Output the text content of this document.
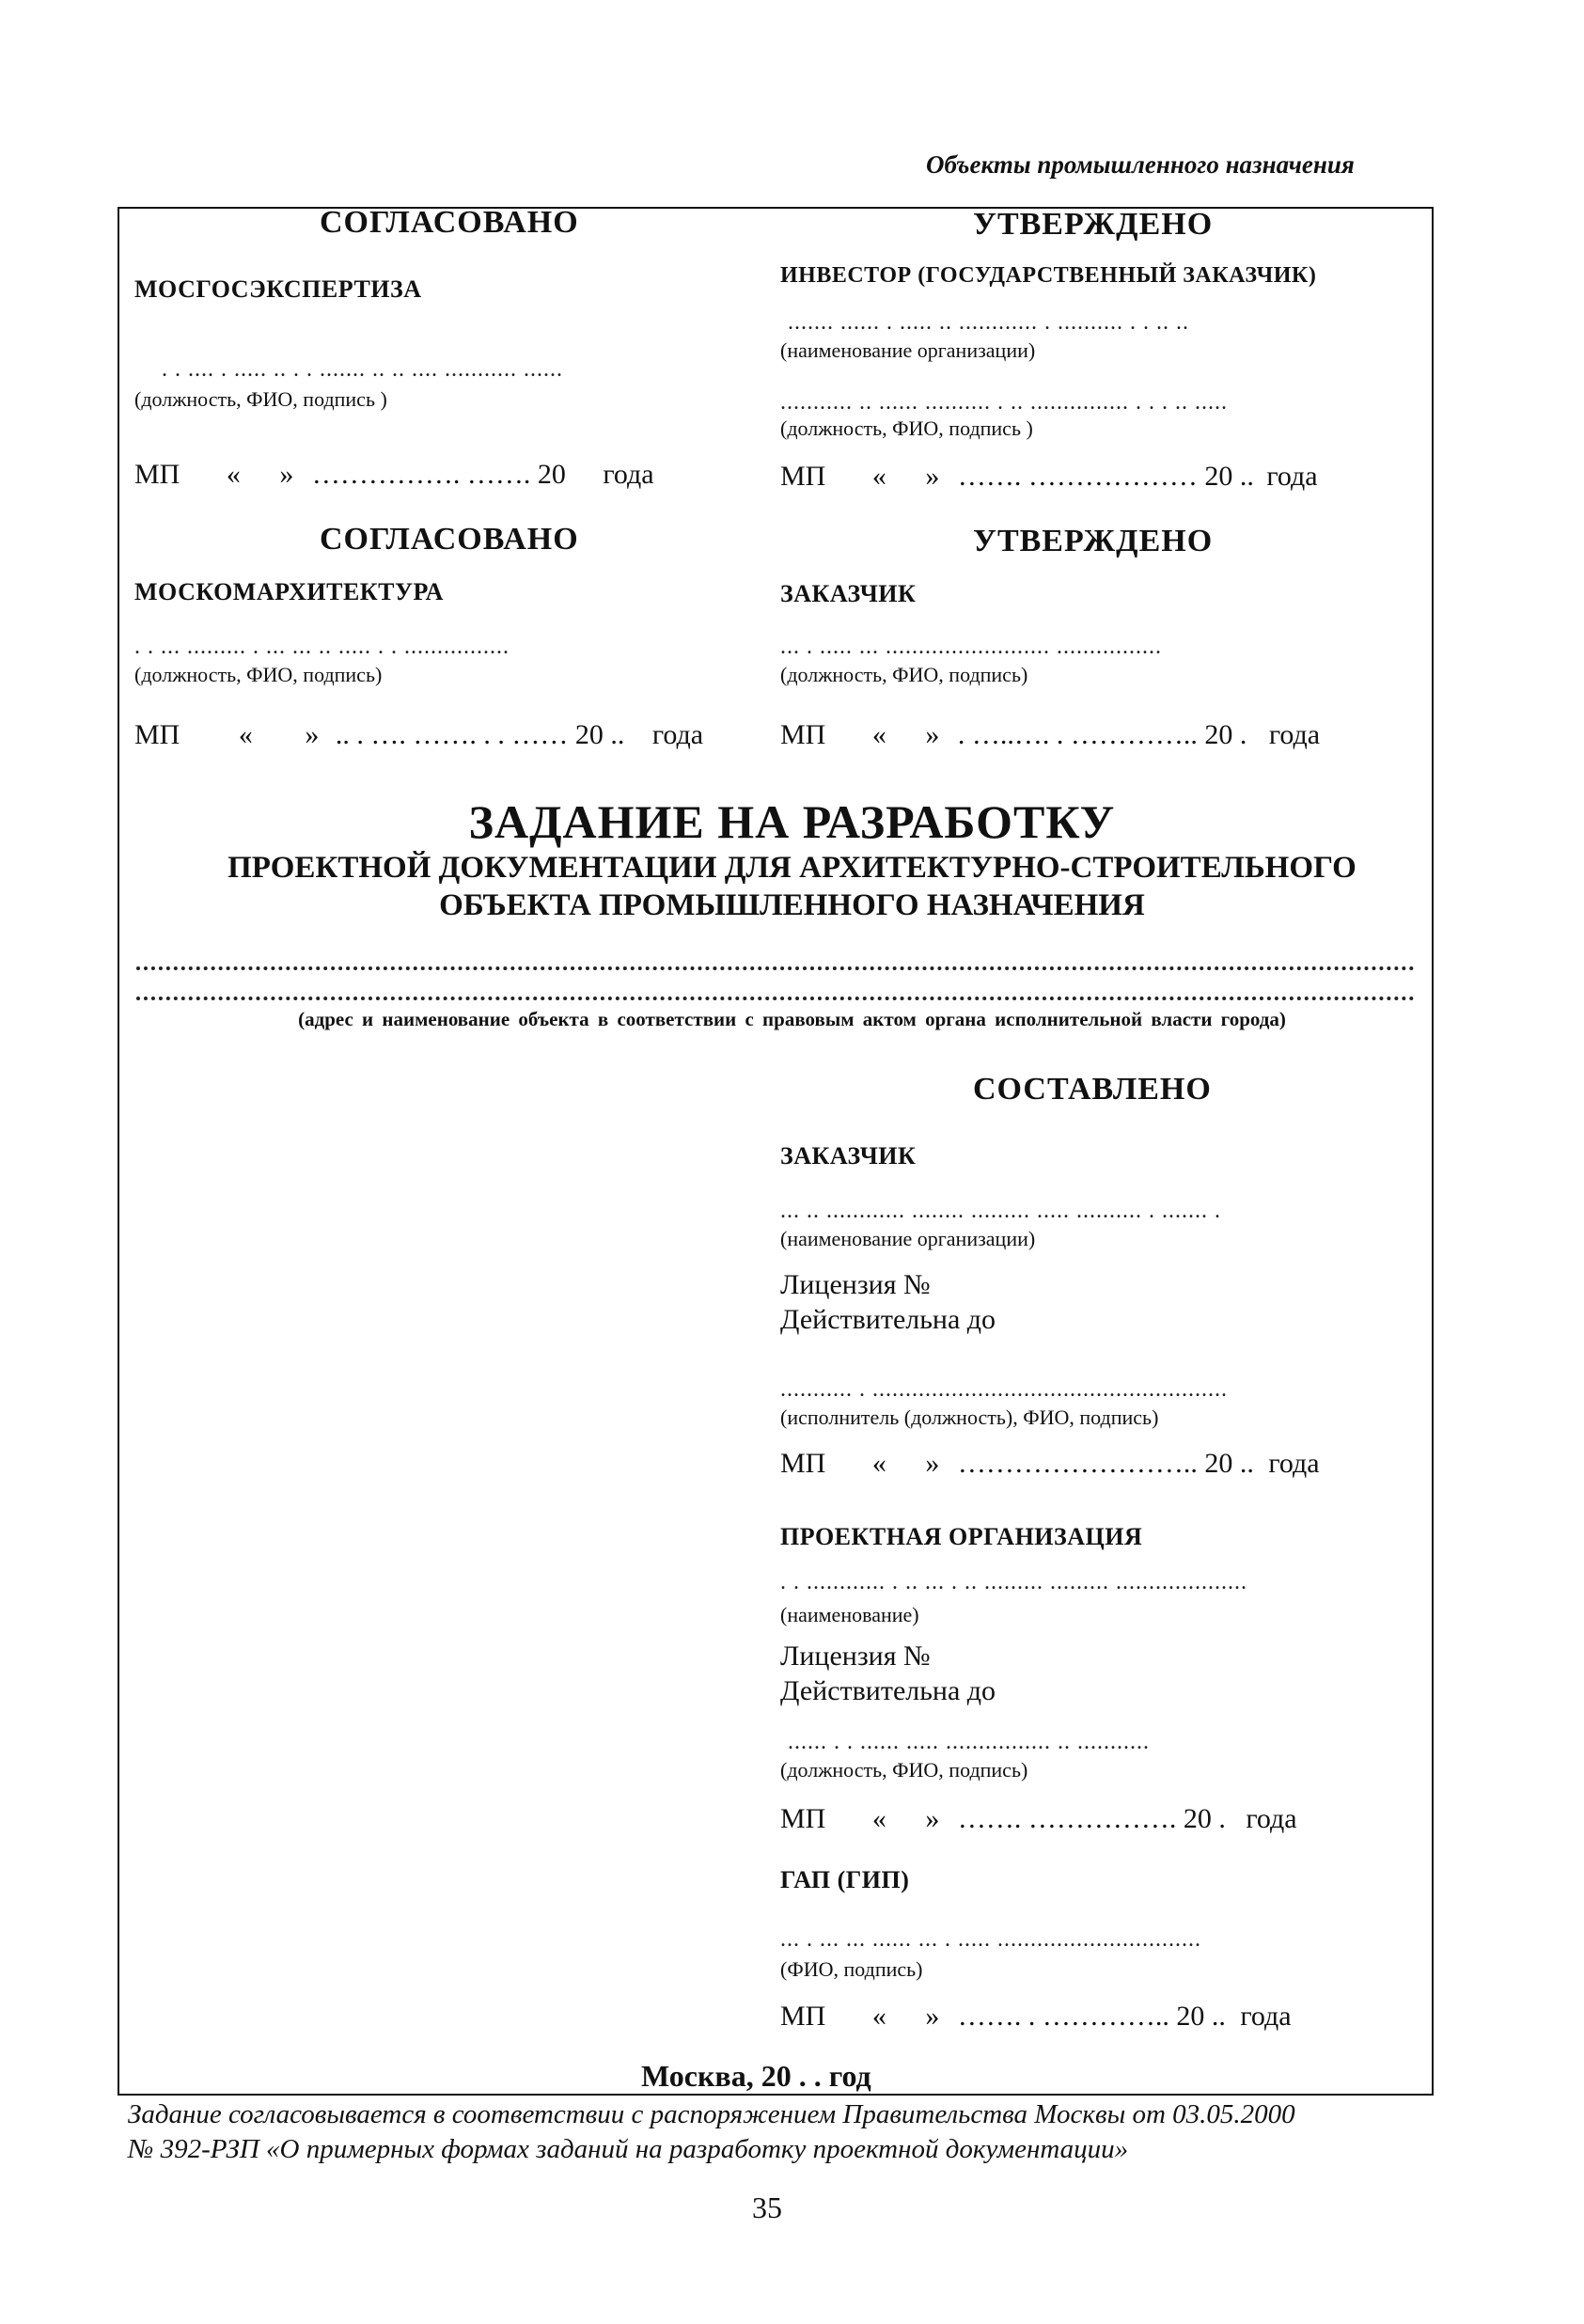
Объекты промышленного назначения
СОГЛАСОВАНО
МОСГОСЭКСПЕРТИЗА
. . .... . ..... .. . . ....... .. .. .... ........... ......
(должность, ФИО, подпись )
МП « » ……………. ……. 20 года
УТВЕРЖДЕНО
ИНВЕСТОР (ГОСУДАРСТВЕННЫЙ ЗАКАЗЧИК)
....... ...... . ..... .. ............ . .......... . . .. ..
(наименование организации)
........... .. ...... .......... . .. ............... . . . .. .....
(должность, ФИО, подпись )
МП « » ……. ……………… 20 .. года
СОГЛАСОВАНО
МОСКОМАРХИТЕКТУРА
. . ... ......... . ... ... .. ..... . . ................
(должность, ФИО, подпись)
МП « » .. . …. ……. . . …… 20 .. года
УТВЕРЖДЕНО
ЗАКАЗЧИК
... . ..... ... ......................... ................
(должность, ФИО, подпись)
МП « » . …..…. . ………….. 20 . года
ЗАДАНИЕ НА РАЗРАБОТКУ
ПРОЕКТНОЙ ДОКУМЕНТАЦИИ ДЛЯ АРХИТЕКТУРНО-СТРОИТЕЛЬНОГО
ОБЪЕКТА ПРОМЫШЛЕННОГО НАЗНАЧЕНИЯ
(адрес и наименование объекта в соответствии с правовым актом органа исполнительной власти города)
СОСТАВЛЕНО
ЗАКАЗЧИК
... .. ............ ........ ......... ..... .......... . ....... .
(наименование организации)
Лицензия №
Действительна до
........... . ......................................................
(исполнитель (должность), ФИО, подпись)
МП « » …………………….. 20 .. года
ПРОЕКТНАЯ ОРГАНИЗАЦИЯ
. . ............ . .. ... . .. ......... ......... ....................
(наименование)
Лицензия №
Действительна до
...... . . ...... ..... ................ .. ...........
(должность, ФИО, подпись)
МП « » ……. ……………. 20 . года
ГАП (ГИП)
... . ... ... ...... ... . ..... ...............................
(ФИО, подпись)
МП « » ……. . ………….. 20 .. года
Москва, 20 . . год
Задание согласовывается в соответствии с распоряжением Правительства Москвы от 03.05.2000
№ 392-РЗП «О примерных формах заданий на разработку проектной документации»
35
